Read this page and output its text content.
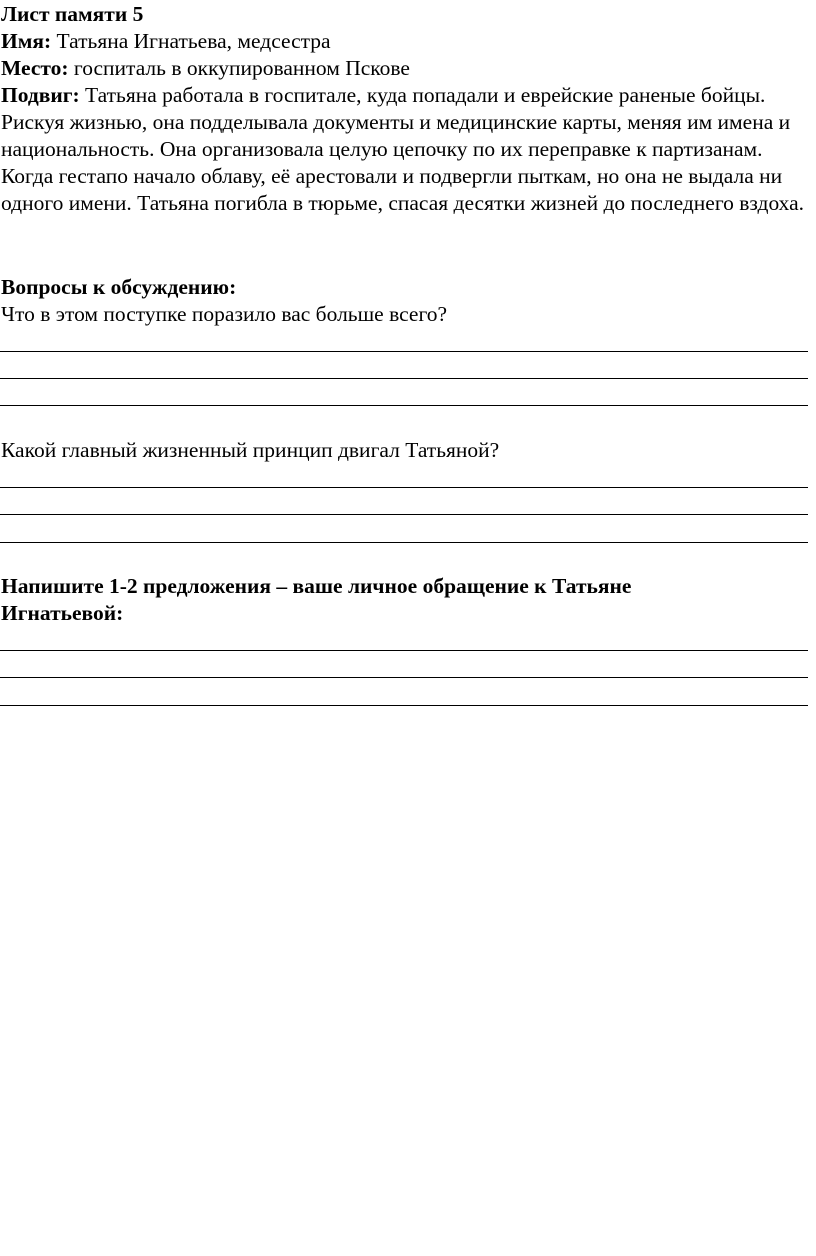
Лист памяти 5
Имя: Татьяна Игнатьева, медсестра
Место: госпиталь в оккупированном Пскове

Подвиг: Татьяна работала в госпитале, куда попадали и еврейские раненые бойцы. Рискуя жизнью, она подделывала документы и медицинские карты, меняя им имена и национальность. Она организовала целую цепочку по их переправке к партизанам. Когда гестапо начало облаву, её арестовали и подвергли пыткам, но она не выдала ни одного имени. Татьяна погибла в тюрьме, спасая десятки жизней до последнего вздоха.

Вопросы к обсуждению:
Что в этом поступке поразило вас больше всего?
Какой главный жизненный принцип двигал Татьяной?

Напишите 1-2 предложения – ваше личное обращение к Татьяне Игнатьевой:
